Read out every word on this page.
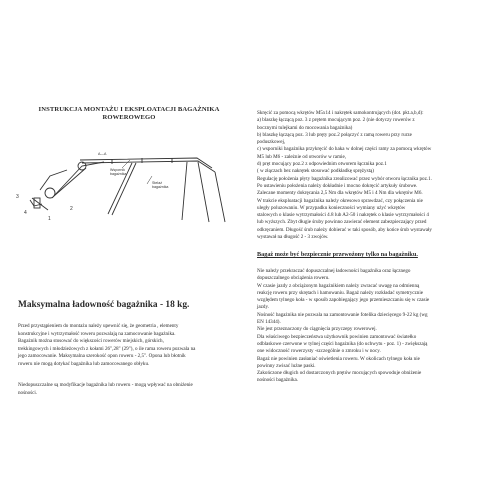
INSTRUKCJA MONTAŻU I EKSPLOATACJI BAGAŻNIKA
ROWEROWEGO
A—A
Wspornik
bagażnika
Stelaż
bagażnika
3
4
2
1
Maksymalna ładowność bagażnika - 18 kg.

Przed przystąpieniem do montażu należy upewnić się, że geometria , elementy

konstrukcyjne i wytrzymałość roweru pozwalają na zamocowanie bagażnika.

Bagażnik można stosować do większości rowerów miejskich, górskich,

trekkingowych i młodzieżowych z kołami 26",28" (29"), o ile rama roweru pozwala na

jego zamocowanie. Maksymalna szerokość opon roweru - 2,5". Opona lub błotnik

roweru nie mogą dotykać bagażnika lub zamocowanego obłyku.

Niedopuszczalne są modyfikacje bagażnika lub roweru - mogą wpływać na obniżenie

nośności.

Skręcić za pomocą wkrętów M5x14 i nakrętek samokontrujących (dot. pkt.a,b,d):

a) blaszkę łączącą poz. 3 z prętem mocującym poz. 2 (nie dotyczy rowerów z

bocznymi tulejkami do mocowania bagażnika)

b) blaszkę łączącą poz. 3 lub pręty poz.2 połączyć z ramą roweru przy rurze

poduszkowej,

c) wsporniki bagażnika przykręcić do haka w dolnej części ramy za pomocą wkrętów

M5 lub M6 - zależnie od otworów w ramie,

d) pręt mocujący poz.2 z odpowiednim otworem łącznika poz.1

( w złączach bez nakrętek stosować podkładkę sprężystą)

Regulację położenia płyty bagażnika zrealizować przez wybór otworu łącznika poz.1.

Po ustawieniu położenia należy dokładnie i mocno dokręcić artykuły śrubowe.

Zalecane momenty dokręcania 2,5 Nm dla wkrętów M5 i 4 Nm dla wkrętów M6.

W trakcie eksploatacji bagażnika należy okresowo sprawdzać, czy połączenia nie

uległy poluzowaniu. W przypadku konieczności wymiany użyć wkrętów

stalowych o klasie wytrzymałości 4.8 lub A2-50 i nakrętek o klasie wytrzymałości 4

lub wyższych. Zbyt długie śruby powinno zawierać element zabezpieczający przed

odkręcaniem. Długość śrub należy dobierać w taki sposób, aby końce śrub wystawały

wystawał na długość 2 - 3 zwojów.

Bagaż może być bezpiecznie przewożony tylko na bagażniku.

Nie należy przekraczać dopuszczalnej ładowności bagażnika oraz łącznego

dopuszczalnego obciążenia roweru.

W czasie jazdy z obciążonym bagażnikiem należy zwracać uwagę na odmienną

reakcję roweru przy skrętach i hamowaniu. Bagaż należy rozkładać symetrycznie

względem tylnego koła - w sposób zapobiegający jego przemieszczaniu się w czasie

jazdy.

Nośność bagażnika nie pozwala na zamontowanie fotelika dziecięcego 9-22 kg (wg

EN 14344).

Nie jest przeznaczony do ciągnięcia przyczepy rowerowej.

Dla właściwego bezpieczeństwa użytkownik powinien zamontować światełko

odblaskowe czerwone w tylnej części bagażnika (do uchwytu - poz. 1) - zwiększają

one widoczność rowerzysty -szczególnie o zmroku i w nocy.

Bagaż nie powinien zasłaniać oświetlenia roweru. W okolicach tylnego koła nie

powinny zwisać luźne paski.

Zakończone długich od dostarczonych prętów mocujących spowoduje obniżenie

nośności bagażnika.
